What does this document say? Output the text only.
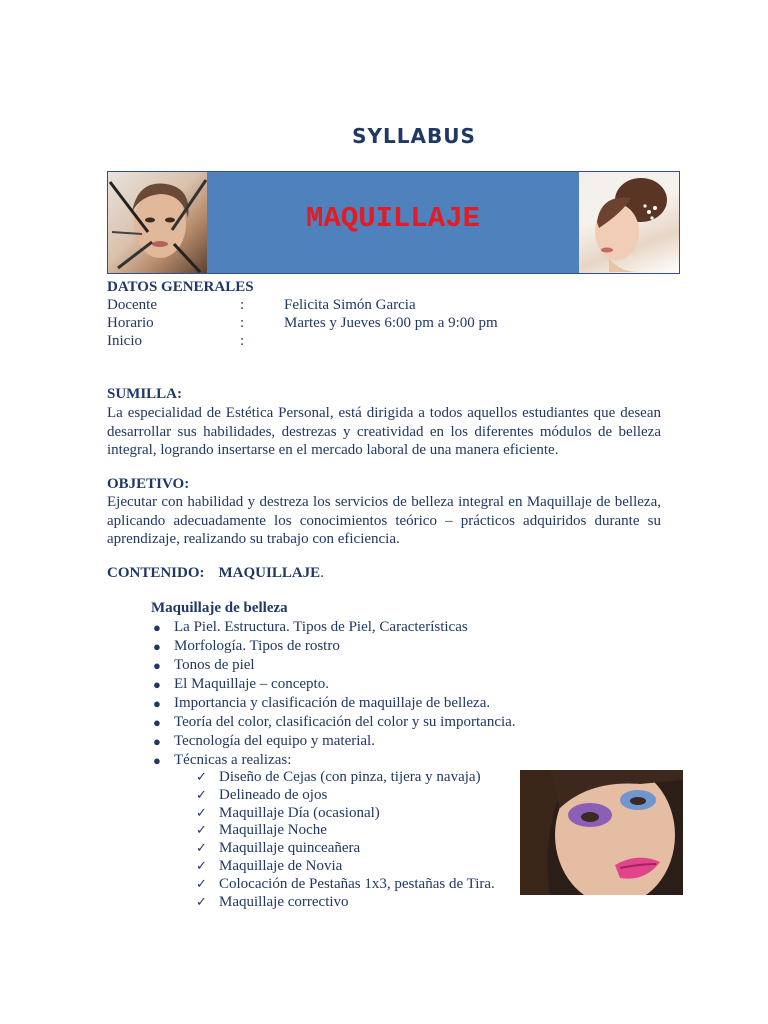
SYLLABUS
MAQUILLAJE
DATOS GENERALES
Docente	:	Felicita Simón Garcia
Horario	:	Martes y Jueves 6:00 pm a 9:00 pm
Inicio	:
SUMILLA:
La especialidad de Estética Personal, está dirigida a todos aquellos estudiantes que desean desarrollar sus habilidades, destrezas y creatividad en los diferentes módulos de belleza integral, logrando insertarse en el mercado laboral de una manera eficiente.
OBJETIVO:
Ejecutar con habilidad y destreza los servicios de belleza integral en Maquillaje de belleza, aplicando adecuadamente los conocimientos teórico – prácticos adquiridos durante su aprendizaje, realizando su trabajo con eficiencia.
CONTENIDO: MAQUILLAJE.
Maquillaje de belleza
● La Piel. Estructura. Tipos de Piel, Características
● Morfología. Tipos de rostro
● Tonos de piel
● El Maquillaje – concepto.
● Importancia y clasificación de maquillaje de belleza.
● Teoría del color, clasificación del color y su importancia.
● Tecnología del equipo y material.
● Técnicas a realizas:
✓ Diseño de Cejas (con pinza, tijera y navaja)
✓ Delineado de ojos
✓ Maquillaje Día (ocasional)
✓ Maquillaje Noche
✓ Maquillaje quinceañera
✓ Maquillaje de Novia
✓ Colocación de Pestañas 1x3, pestañas de Tira.
✓ Maquillaje correctivo
